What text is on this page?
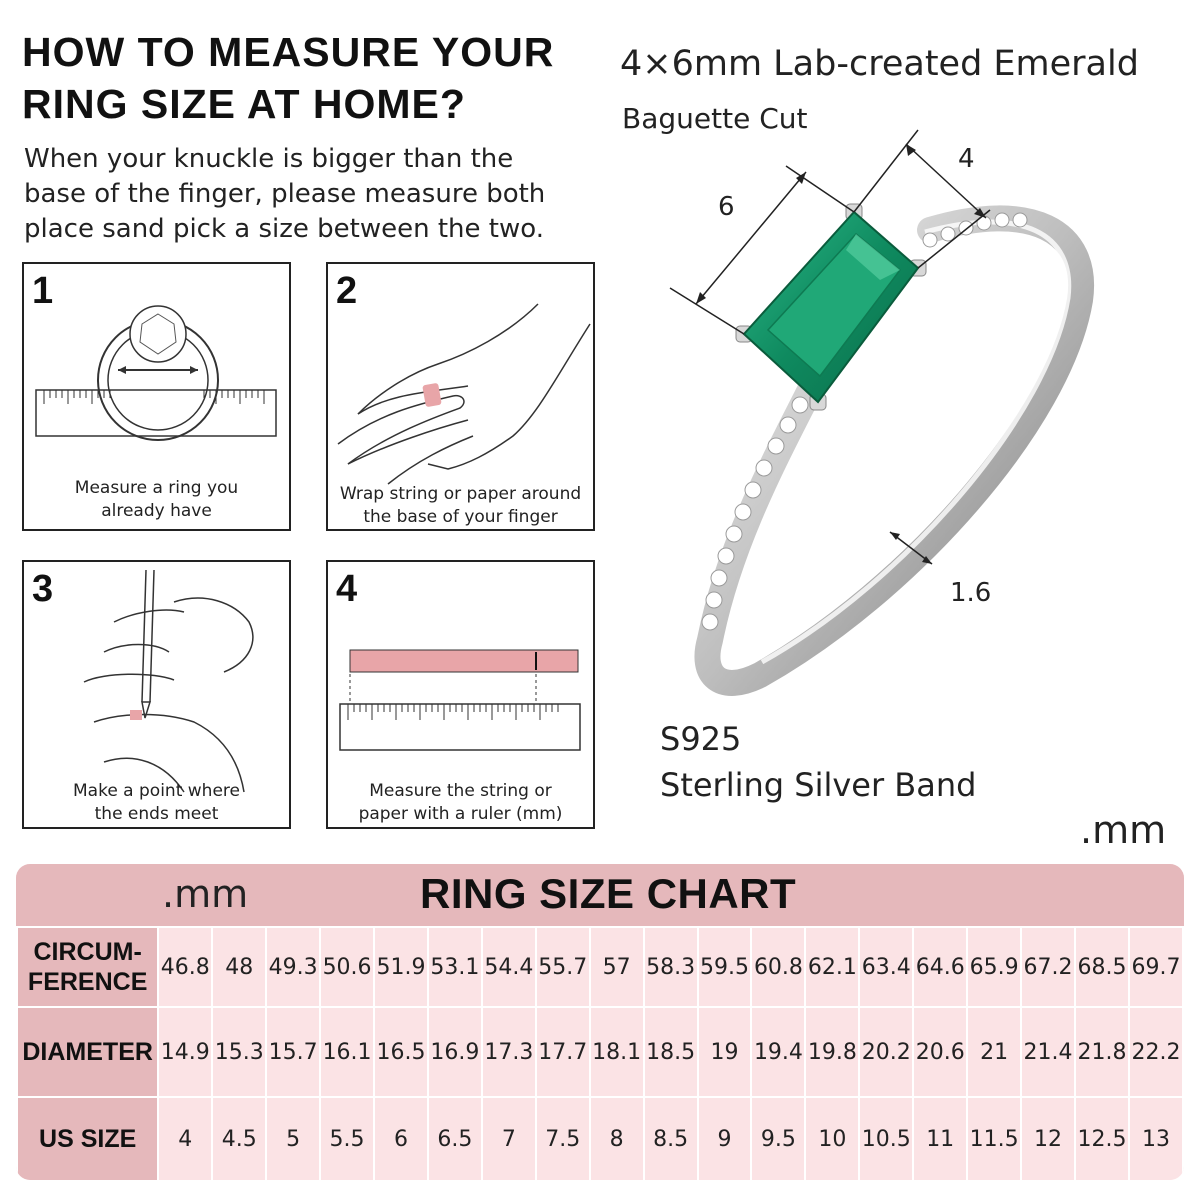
HOW TO MEASURE YOUR
RING SIZE AT HOME?
When your knuckle is bigger than the
base of the finger, please measure both
place sand pick a size between the two.
1
Measure a ring you
already have
2
Wrap string or paper around
the base of your finger
3
Make a point where
the ends meet
4
Measure the string or
paper with a ruler (mm)
4×6mm Lab-created Emerald
Baguette Cut
6
4
1.6
S925
Sterling Silver Band
.mm
.mm	RING SIZE CHART
CIRCUM-
FERENCE	46.8	48	49.3	50.6	51.9	53.1	54.4	55.7	57	58.3	59.5	60.8	62.1	63.4	64.6	65.9	67.2	68.5	69.7

DIAMETER	14.9	15.3	15.7	16.1	16.5	16.9	17.3	17.7	18.1	18.5	19	19.4	19.8	20.2	20.6	21	21.4	21.8	22.2

US SIZE	4	4.5	5	5.5	6	6.5	7	7.5	8	8.5	9	9.5	10	10.5	11	11.5	12	12.5	13
